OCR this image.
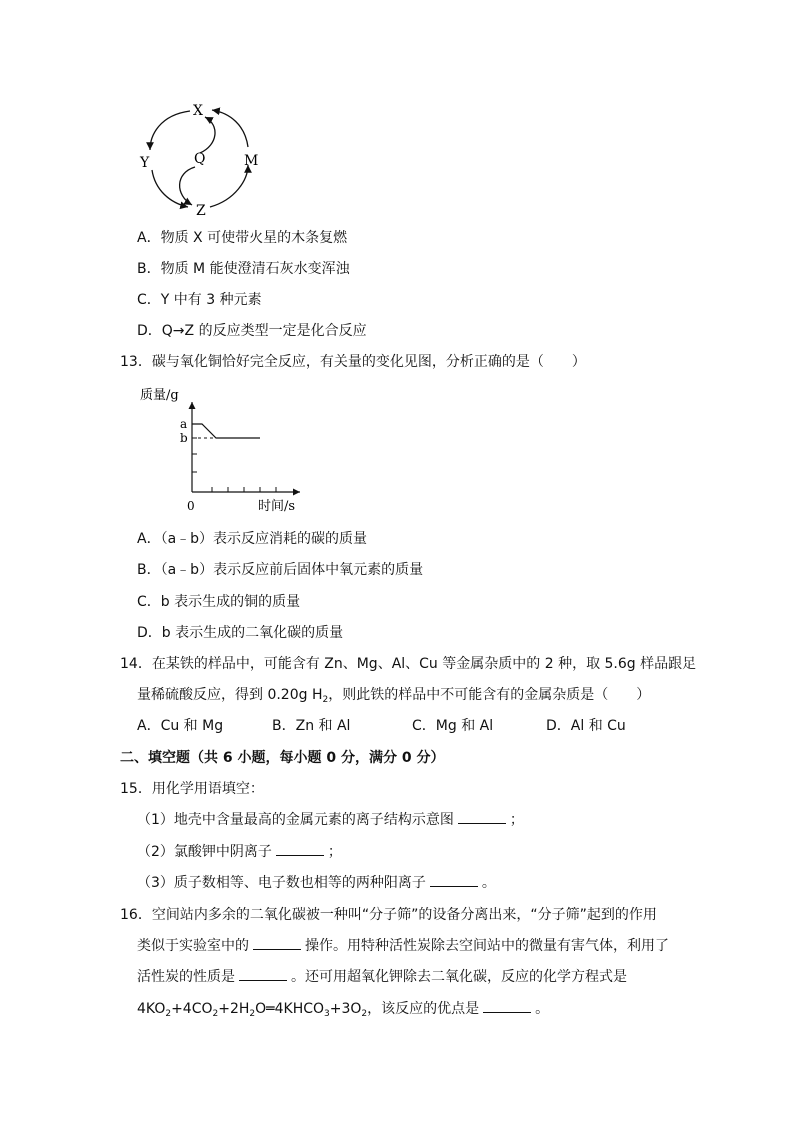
X
Y	Q	M
Z
A．物质 X 可使带火星的木条复燃
B．物质 M 能使澄清石灰水变浑浊
C．Y 中有 3 种元素
D．Q→Z 的反应类型一定是化合反应
13．碳与氧化铜恰好完全反应，有关量的变化见图，分析正确的是（　　）
质量/g
a
b
0	时间/s
A．（a﹣b）表示反应消耗的碳的质量
B．（a﹣b）表示反应前后固体中氧元素的质量
C．b 表示生成的铜的质量
D．b 表示生成的二氧化碳的质量
14．在某铁的样品中，可能含有 Zn、Mg、Al、Cu 等金属杂质中的 2 种，取 5.6g 样品跟足
量稀硫酸反应，得到 0.20g $H_2$，则此铁的样品中不可能含有的金属杂质是（　　）
A．Cu 和 Mg	B．Zn 和 Al	C．Mg 和 Al	D．Al 和 Cu
二、填空题（共 6 小题，每小题 0 分，满分 0 分）
15．用化学用语填空：
（1）地壳中含量最高的金属元素的离子结构示意图	；
（2）氯酸钾中阴离子	；
（3）质子数相等、电子数也相等的两种阳离子	。
16．空间站内多余的二氧化碳被一种叫“分子筛”的设备分离出来，“分子筛”起到的作用
类似于实验室中的	操作。用特种活性炭除去空间站中的微量有害气体，利用了
活性炭的性质是	。还可用超氧化钾除去二氧化碳，反应的化学方程式是
$4KO_2+4CO_2+2H_2O═4KHCO_3+3O_2$，该反应的优点是	。
